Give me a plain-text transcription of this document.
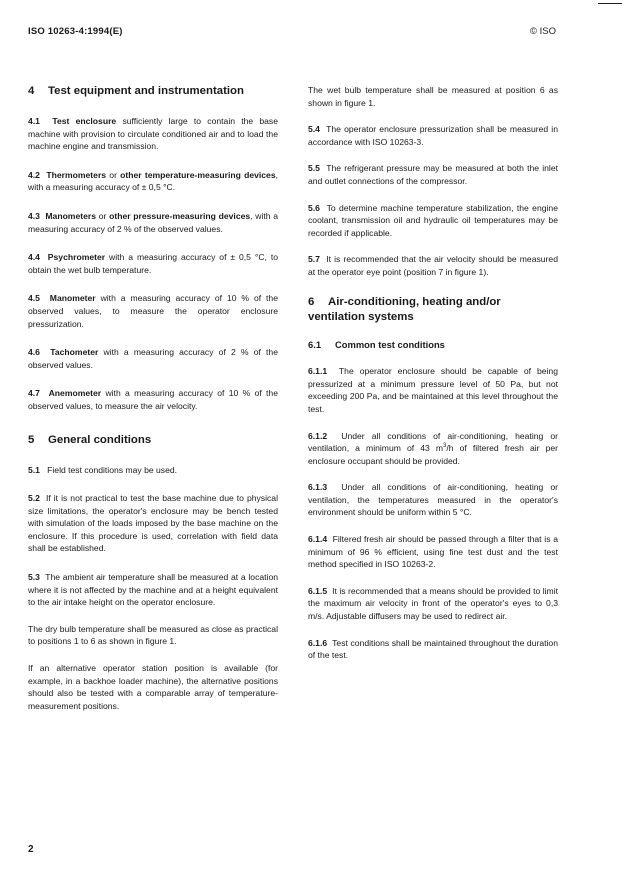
ISO 10263-4:1994(E)	© ISO
4 Test equipment and instrumentation

4.1 Test enclosure sufficiently large to contain the base machine with provision to circulate conditioned air and to load the machine engine and transmission.

4.2 Thermometers or other temperature-measuring devices, with a measuring accuracy of ± 0,5 °C.

4.3 Manometers or other pressure-measuring devices, with a measuring accuracy of 2 % of the observed values.

4.4 Psychrometer with a measuring accuracy of ± 0,5 °C, to obtain the wet bulb temperature.

4.5 Manometer with a measuring accuracy of 10 % of the observed values, to measure the operator enclosure pressurization.

4.6 Tachometer with a measuring accuracy of 2 % of the observed values.

4.7 Anemometer with a measuring accuracy of 10 % of the observed values, to measure the air velocity.

5 General conditions

5.1 Field test conditions may be used.

5.2 If it is not practical to test the base machine due to physical size limitations, the operator's enclosure may be bench tested with simulation of the loads imposed by the base machine on the enclosure. If this procedure is used, correlation with field data shall be established.

5.3 The ambient air temperature shall be measured at a location where it is not affected by the machine and at a height equivalent to the air intake height on the operator enclosure.

The dry bulb temperature shall be measured as close as practical to positions 1 to 6 as shown in figure 1.

If an alternative operator station position is available (for example, in a backhoe loader machine), the alternative positions should also be tested with a comparable array of temperature-measurement positions.

The wet bulb temperature shall be measured at position 6 as shown in figure 1.

5.4 The operator enclosure pressurization shall be measured in accordance with ISO 10263-3.

5.5 The refrigerant pressure may be measured at both the inlet and outlet connections of the compressor.

5.6 To determine machine temperature stabilization, the engine coolant, transmission oil and hydraulic oil temperatures may be recorded if applicable.

5.7 It is recommended that the air velocity should be measured at the operator eye point (position 7 in figure 1).

6 Air-conditioning, heating and/or ventilation systems
6.1 Common test conditions

6.1.1 The operator enclosure should be capable of being pressurized at a minimum pressure level of 50 Pa, but not exceeding 200 Pa, and be maintained at this level throughout the test.

6.1.2 Under all conditions of air-conditioning, heating or ventilation, a minimum of 43 $m^3/h$ of filtered fresh air per enclosure occupant should be provided.

6.1.3 Under all conditions of air-conditioning, heating or ventilation, the temperatures measured in the operator's environment should be uniform within 5 °C.

6.1.4 Filtered fresh air should be passed through a filter that is a minimum of 96 % efficient, using fine test dust and the test method specified in ISO 10263-2.

6.1.5 It is recommended that a means should be provided to limit the maximum air velocity in front of the operator's eyes to 0,3 m/s. Adjustable diffusers may be used to redirect air.

6.1.6 Test conditions shall be maintained throughout the duration of the test.

2
